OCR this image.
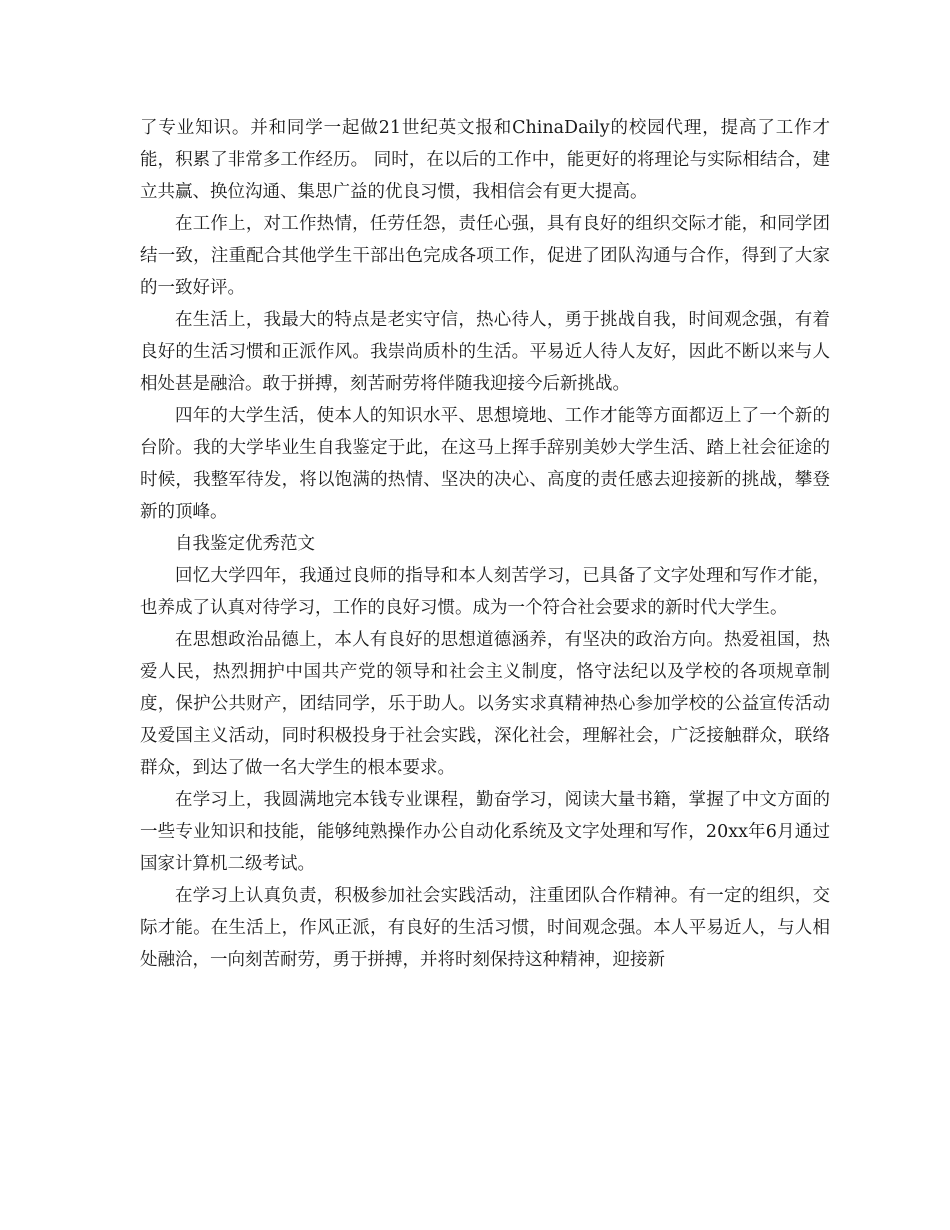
了专业知识。并和同学一起做21世纪英文报和ChinaDaily的校园代理，提高了工作才能，积累了非常多工作经历。 同时，在以后的工作中，能更好的将理论与实际相结合，建立共赢、换位沟通、集思广益的优良习惯，我相信会有更大提高。

在工作上，对工作热情，任劳任怨，责任心强，具有良好的组织交际才能，和同学团结一致，注重配合其他学生干部出色完成各项工作，促进了团队沟通与合作，得到了大家的一致好评。

在生活上，我最大的特点是老实守信，热心待人，勇于挑战自我，时间观念强，有着良好的生活习惯和正派作风。我崇尚质朴的生活。平易近人待人友好，因此不断以来与人相处甚是融洽。敢于拼搏，刻苦耐劳将伴随我迎接今后新挑战。

四年的大学生活，使本人的知识水平、思想境地、工作才能等方面都迈上了一个新的台阶。我的大学毕业生自我鉴定于此，在这马上挥手辞别美妙大学生活、踏上社会征途的时候，我整军待发，将以饱满的热情、坚决的决心、高度的责任感去迎接新的挑战，攀登新的顶峰。

自我鉴定优秀范文

回忆大学四年，我通过良师的指导和本人刻苦学习，已具备了文字处理和写作才能，也养成了认真对待学习，工作的良好习惯。成为一个符合社会要求的新时代大学生。

在思想政治品德上，本人有良好的思想道德涵养，有坚决的政治方向。热爱祖国，热爱人民，热烈拥护中国共产党的领导和社会主义制度，恪守法纪以及学校的各项规章制度，保护公共财产，团结同学，乐于助人。以务实求真精神热心参加学校的公益宣传活动及爱国主义活动，同时积极投身于社会实践，深化社会，理解社会，广泛接触群众，联络群众，到达了做一名大学生的根本要求。

在学习上，我圆满地完本钱专业课程，勤奋学习，阅读大量书籍，掌握了中文方面的一些专业知识和技能，能够纯熟操作办公自动化系统及文字处理和写作，20xx年6月通过国家计算机二级考试。

在学习上认真负责，积极参加社会实践活动，注重团队合作精神。有一定的组织，交际才能。在生活上，作风正派，有良好的生活习惯，时间观念强。本人平易近人，与人相处融洽，一向刻苦耐劳，勇于拼搏，并将时刻保持这种精神，迎接新
